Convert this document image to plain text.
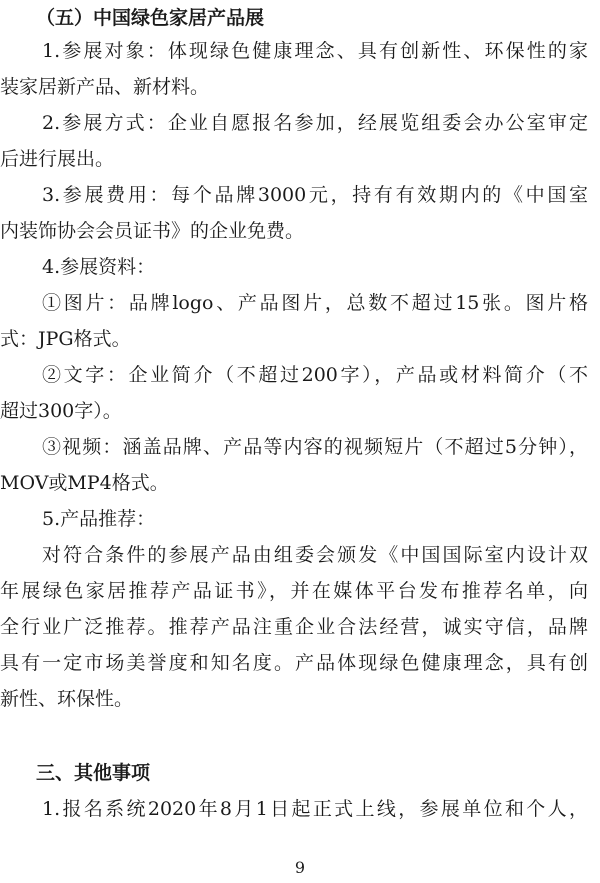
（五）中国绿色家居产品展
1.参展对象：体现绿色健康理念、具有创新性、环保性的家
装家居新产品、新材料。
2.参展方式：企业自愿报名参加，经展览组委会办公室审定
后进行展出。
3.参展费用：每个品牌3000元，持有有效期内的《中国室
内装饰协会会员证书》的企业免费。
4.参展资料：
①图片：品牌logo、产品图片，总数不超过15张。图片格
式：JPG格式。
②文字：企业简介（不超过200字），产品或材料简介（不
超过300字）。
③视频：涵盖品牌、产品等内容的视频短片（不超过5分钟），
MOV或MP4格式。
5.产品推荐：
对符合条件的参展产品由组委会颁发《中国国际室内设计双
年展绿色家居推荐产品证书》，并在媒体平台发布推荐名单，向
全行业广泛推荐。推荐产品注重企业合法经营，诚实守信，品牌
具有一定市场美誉度和知名度。产品体现绿色健康理念，具有创
新性、环保性。
三、其他事项
1.报名系统2020年8月1日起正式上线，参展单位和个人，
9
